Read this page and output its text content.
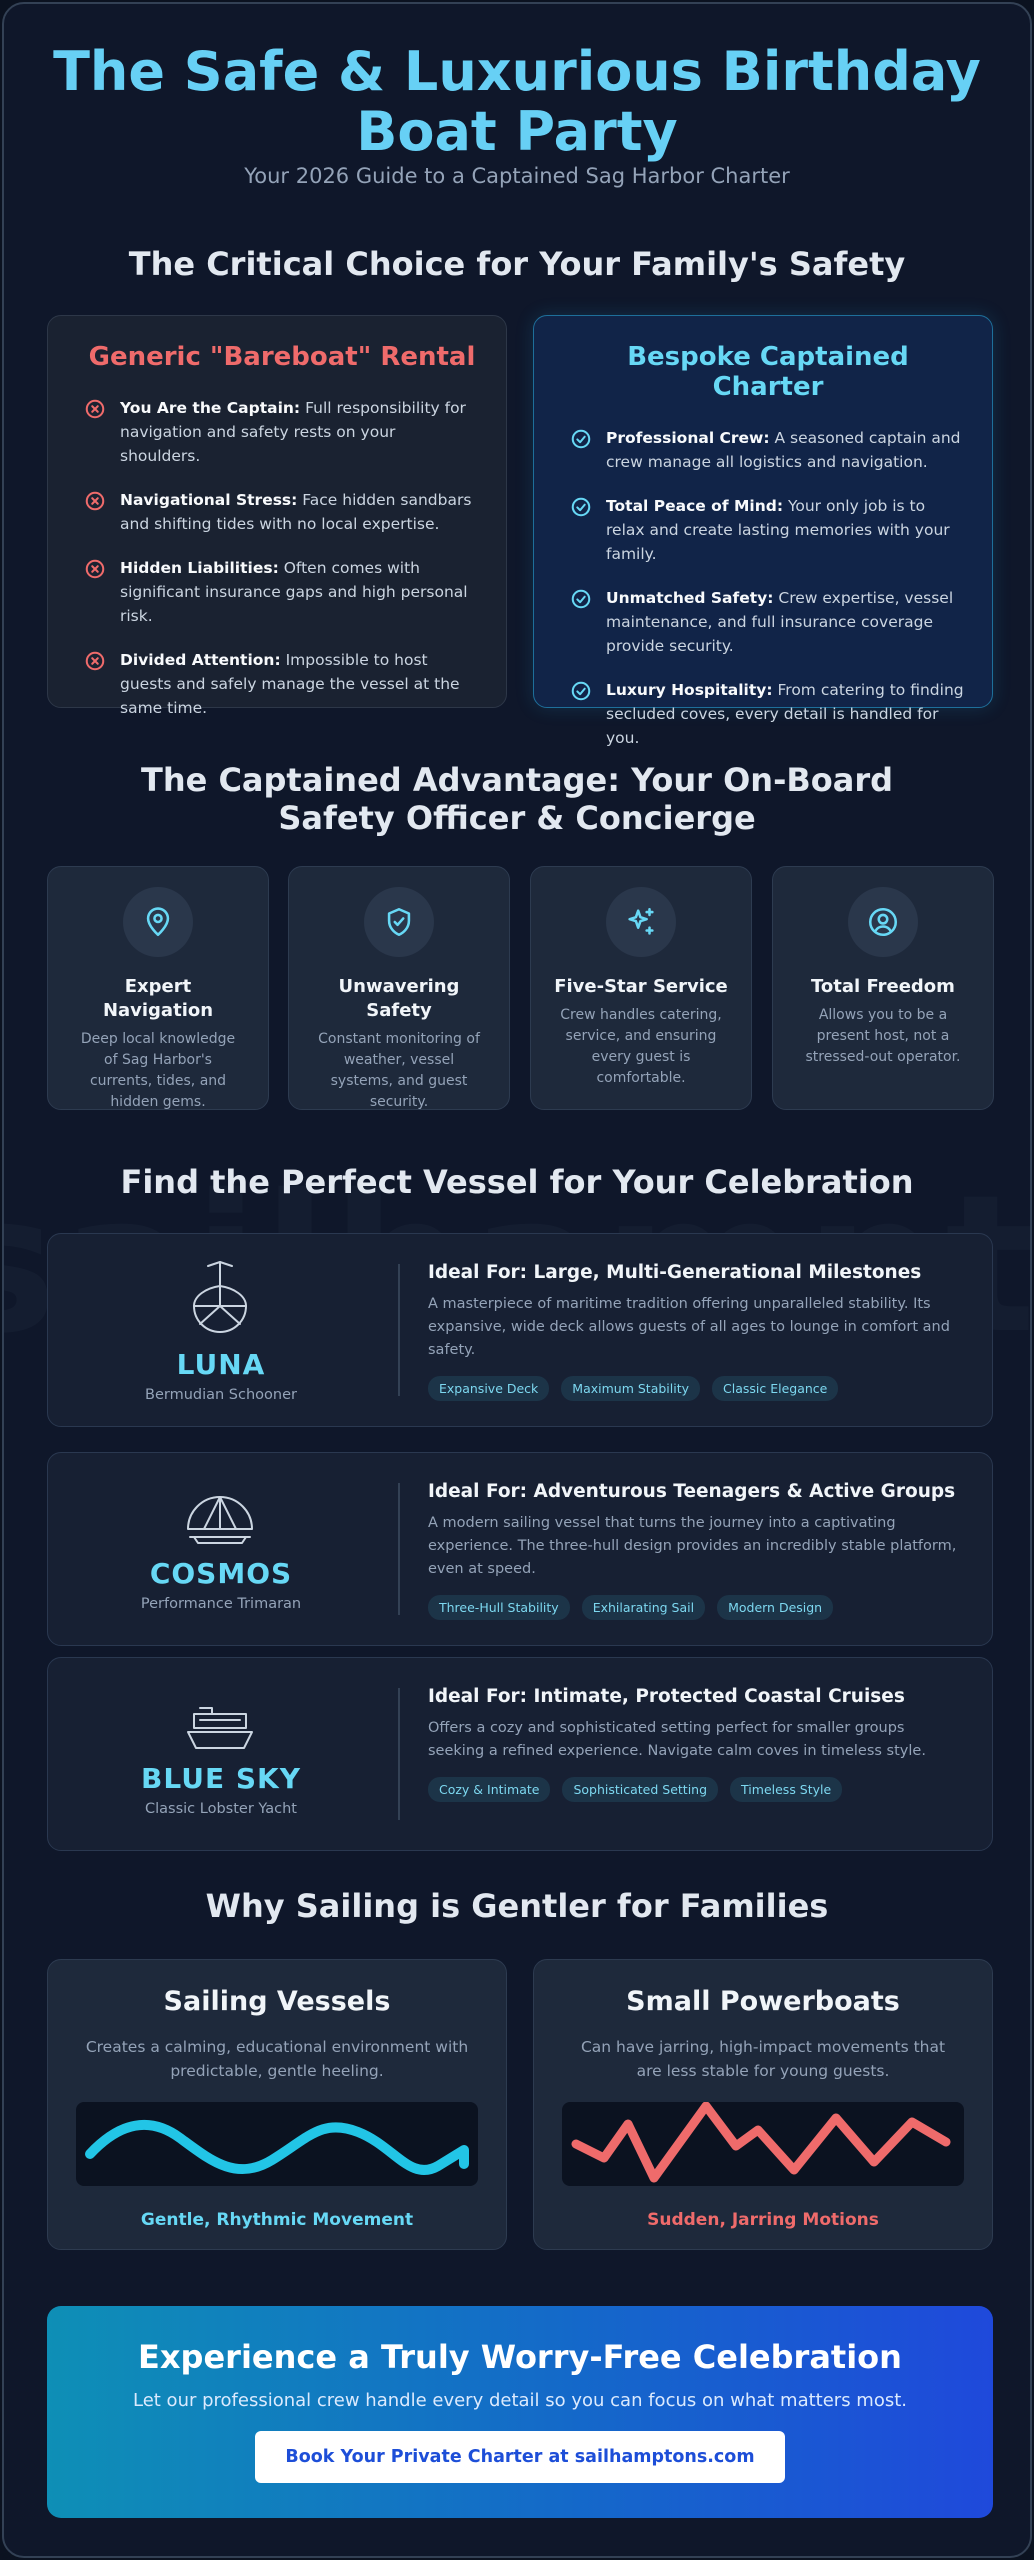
The Safe & Luxurious Birthday
Boat Party
Your 2026 Guide to a Captained Sag Harbor Charter
The Critical Choice for Your Family's Safety
Generic "Bareboat" Rental
You Are the Captain: Full responsibility for navigation and safety rests on your shoulders.
Navigational Stress: Face hidden sandbars and shifting tides with no local expertise.
Hidden Liabilities: Often comes with significant insurance gaps and high personal risk.
Divided Attention: Impossible to host guests and safely manage the vessel at the same time.
Bespoke Captained Charter
Professional Crew: A seasoned captain and crew manage all logistics and navigation.
Total Peace of Mind: Your only job is to relax and create lasting memories with your family.
Unmatched Safety: Crew expertise, vessel maintenance, and full insurance coverage provide security.
Luxury Hospitality: From catering to finding secluded coves, every detail is handled for you.
The Captained Advantage: Your On-Board Safety Officer & Concierge
Expert Navigation
Deep local knowledge of Sag Harbor's currents, tides, and hidden gems.
Unwavering Safety
Constant monitoring of weather, vessel systems, and guest security.
Five-Star Service
Crew handles catering, service, and ensuring every guest is comfortable.
Total Freedom
Allows you to be a present host, not a stressed-out operator.
Find the Perfect Vessel for Your Celebration
LUNA
Bermudian Schooner
Ideal For: Large, Multi-Generational Milestones
A masterpiece of maritime tradition offering unparalleled stability. Its expansive, wide deck allows guests of all ages to lounge in comfort and safety.
Expansive Deck	Maximum Stability	Classic Elegance
COSMOS
Performance Trimaran
Ideal For: Adventurous Teenagers & Active Groups
A modern sailing vessel that turns the journey into a captivating experience. The three-hull design provides an incredibly stable platform, even at speed.
Three-Hull Stability	Exhilarating Sail	Modern Design
BLUE SKY
Classic Lobster Yacht
Ideal For: Intimate, Protected Coastal Cruises
Offers a cozy and sophisticated setting perfect for smaller groups seeking a refined experience. Navigate calm coves in timeless style.
Cozy & Intimate	Sophisticated Setting	Timeless Style
Why Sailing is Gentler for Families
Sailing Vessels
Creates a calming, educational environment with predictable, gentle heeling.
Gentle, Rhythmic Movement
Small Powerboats
Can have jarring, high-impact movements that are less stable for young guests.
Sudden, Jarring Motions
Experience a Truly Worry-Free Celebration
Let our professional crew handle every detail so you can focus on what matters most.
Book Your Private Charter at sailhamptons.com
